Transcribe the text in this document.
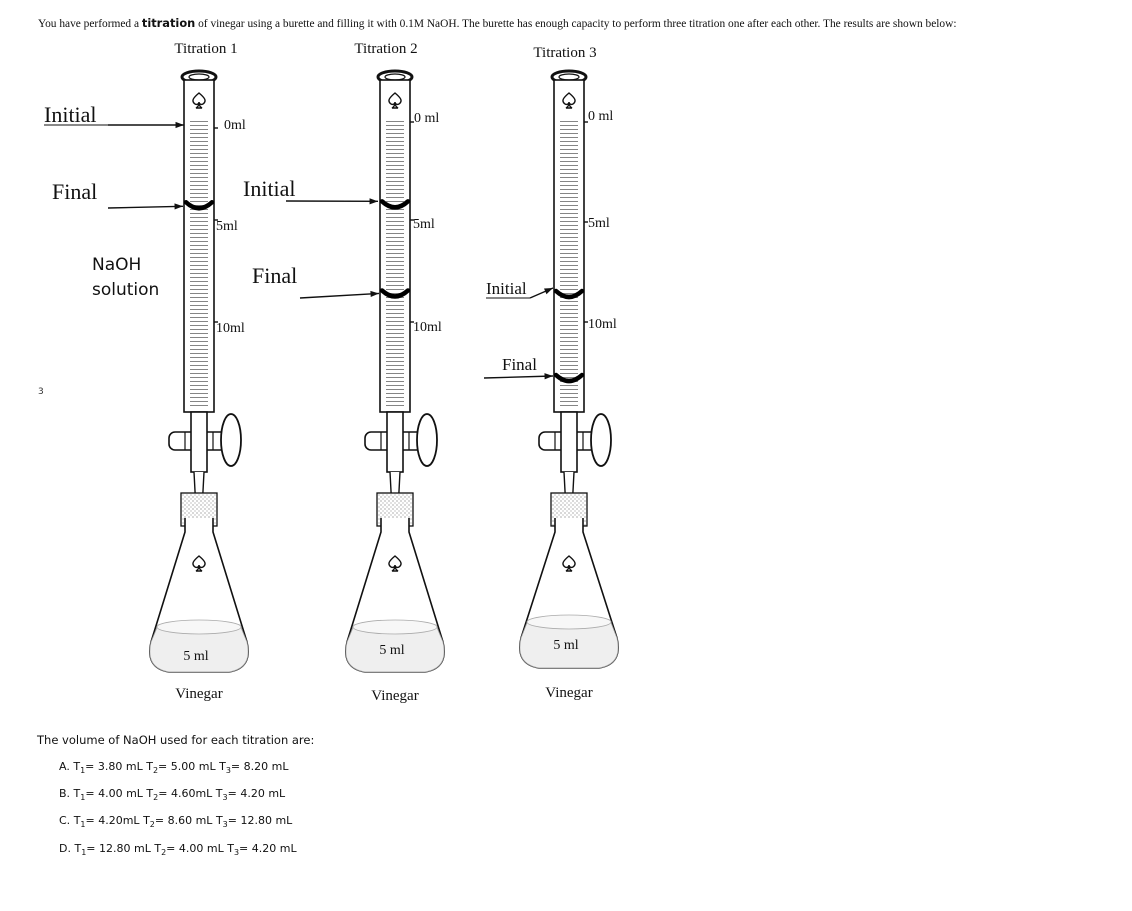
You have performed a titration of vinegar using a burette and filling it with 0.1M NaOH. The burette has enough capacity to perform three titration one after each other. The results are shown below:
3
Initial
Final
NaOH
solution
Initial
Final
Initial
Final
Titration 1
0ml
5ml
10ml
5 ml
Vinegar
Titration 2
0 ml
5ml
10ml
5 ml
Vinegar
Titration 3
0 ml
5ml
10ml
5 ml
Vinegar
The volume of NaOH used for each titration are:
A. $T_1= 3.80$ mL $T_2= 5.00$ mL $T_3= 8.20$ mL
B. $T_1= 4.00$ mL $T_2= 4.60mL$ $T_3= 4.20$ mL
C. $T_1= 4.20mL$ $T_2= 8.60$ mL $T_3= 12.80$ mL
D. $T_1= 12.80$ mL $T_2= 4.00$ mL $T_3= 4.20$ mL
